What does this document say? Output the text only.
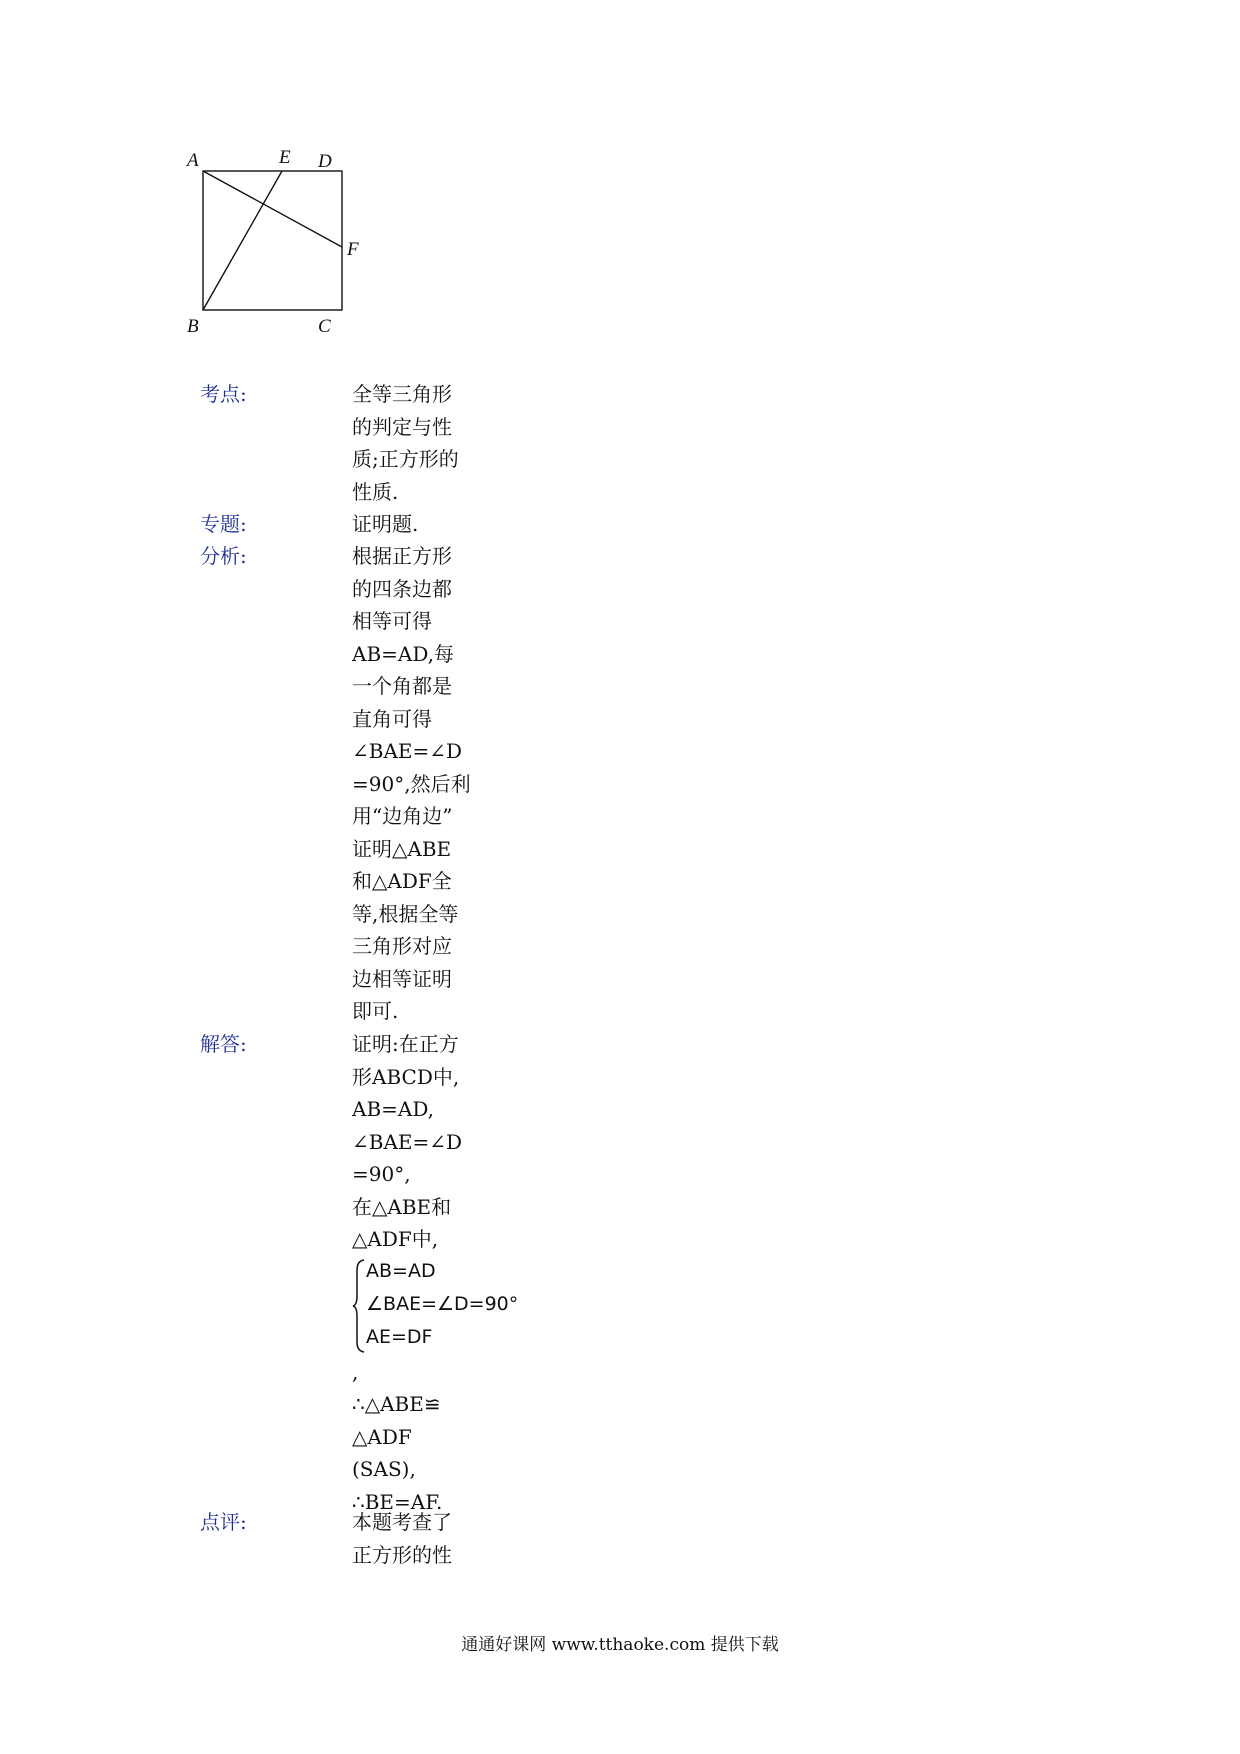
A
B	C
D
E
F
考点:	全等三角形
的判定与性
质;正方形的
性质.
专题:	证明题.
分析:	根据正方形
的四条边都
相等可得
AB=AD,每
一个角都是
直角可得
∠BAE=∠D
=90°,然后利
用“边角边”
证明△ABE
和△ADF全
等,根据全等
三角形对应
边相等证明
即可.
解答:	证明:在正方
形ABCD中,
AB=AD,
∠BAE=∠D
=90°,
在△ABE和
△ADF中,
AB=AD
∠BAE=∠D=90°
AE=DF
,
∴△ABE≌
△ADF
(SAS),
∴BE=AF.
点评:	本题考查了
正方形的性
通通好课网 www.tthaoke.com 提供下载
